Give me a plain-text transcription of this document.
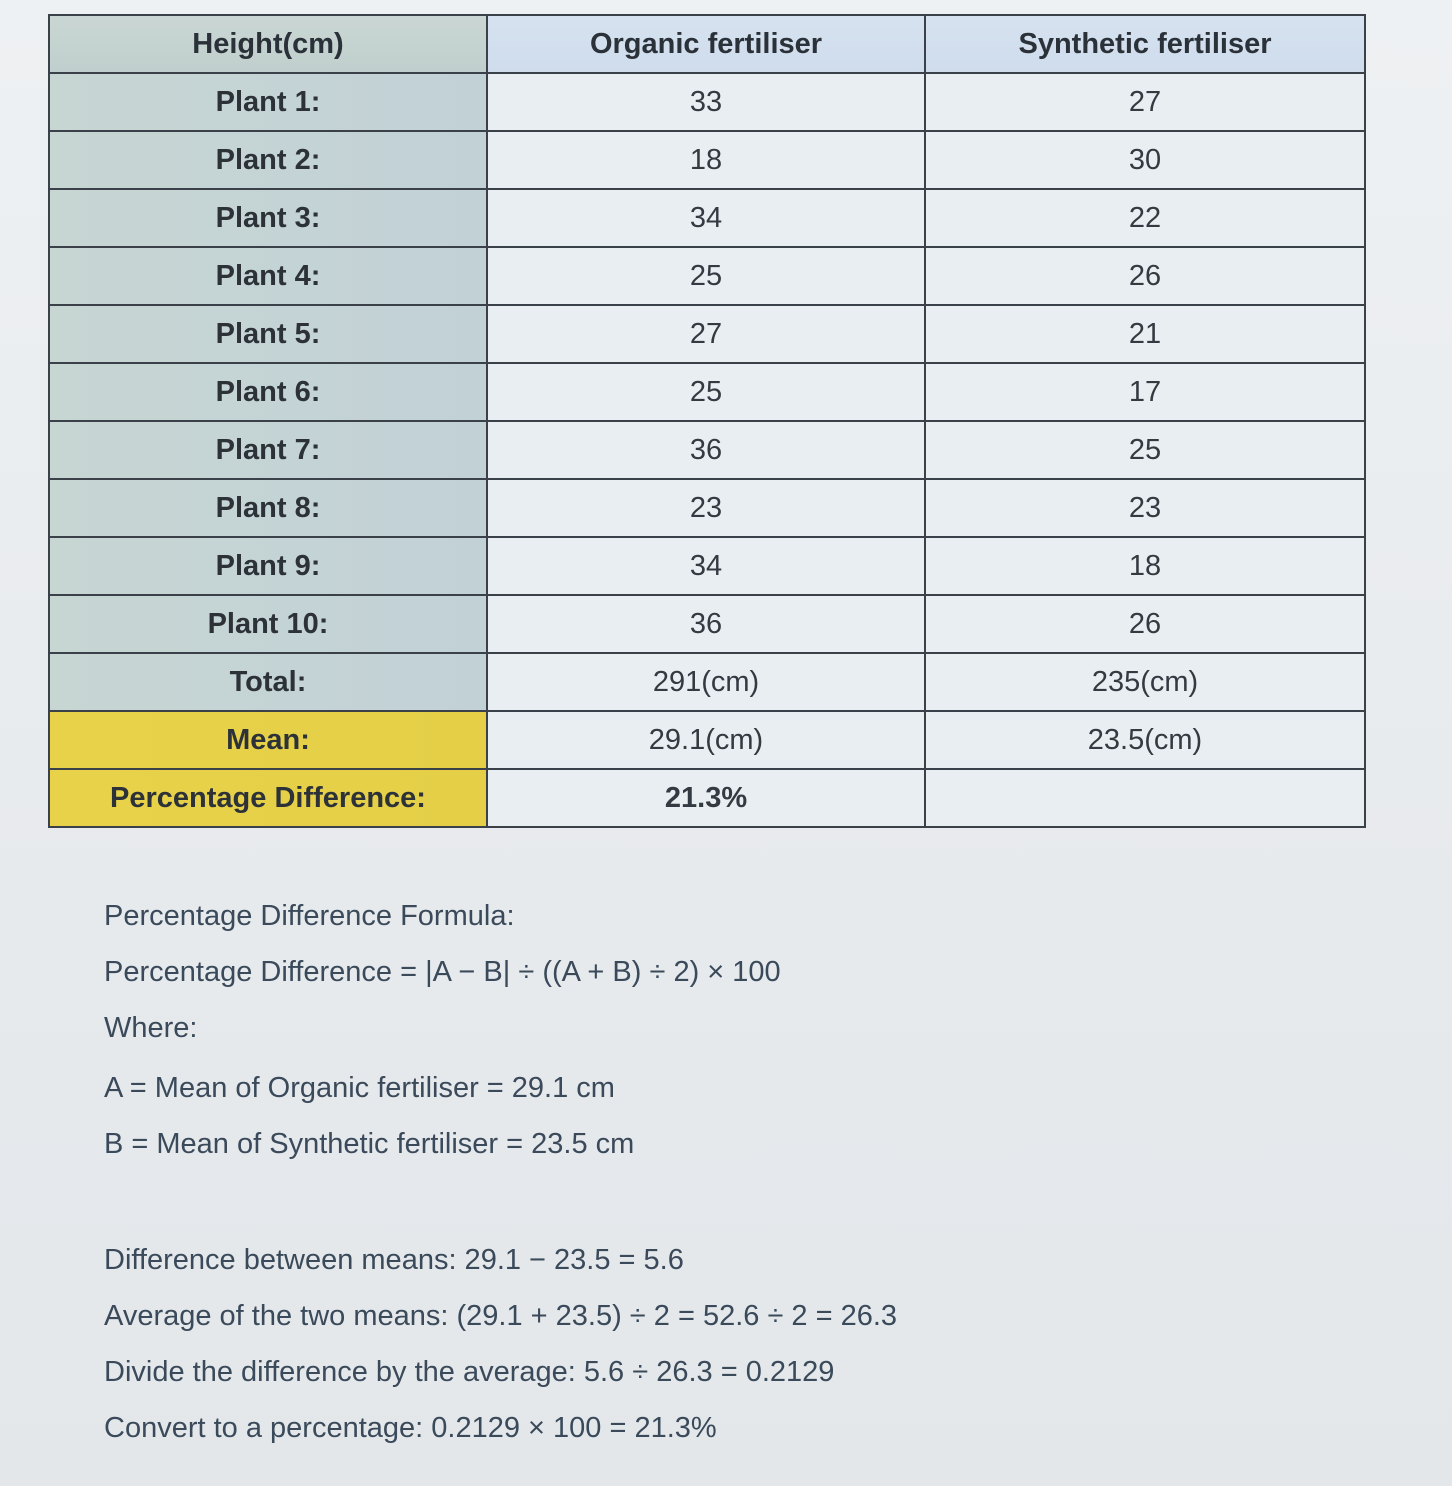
Height(cm)	Organic fertiliser	Synthetic fertiliser
Plant 1:	33	27
Plant 2:	18	30
Plant 3:	34	22
Plant 4:	25	26
Plant 5:	27	21
Plant 6:	25	17
Plant 7:	36	25
Plant 8:	23	23
Plant 9:	34	18
Plant 10:	36	26
Total:	291(cm)	235(cm)
Mean:	29.1(cm)	23.5(cm)
Percentage Difference:	21.3%	
Percentage Difference Formula:
Percentage Difference = |A − B| ÷ ((A + B) ÷ 2) × 100
Where:
A = Mean of Organic fertiliser = 29.1 cm
B = Mean of Synthetic fertiliser = 23.5 cm
Difference between means: 29.1 − 23.5 = 5.6
Average of the two means: (29.1 + 23.5) ÷ 2 = 52.6 ÷ 2 = 26.3
Divide the difference by the average: 5.6 ÷ 26.3 = 0.2129
Convert to a percentage: 0.2129 × 100 = 21.3%
